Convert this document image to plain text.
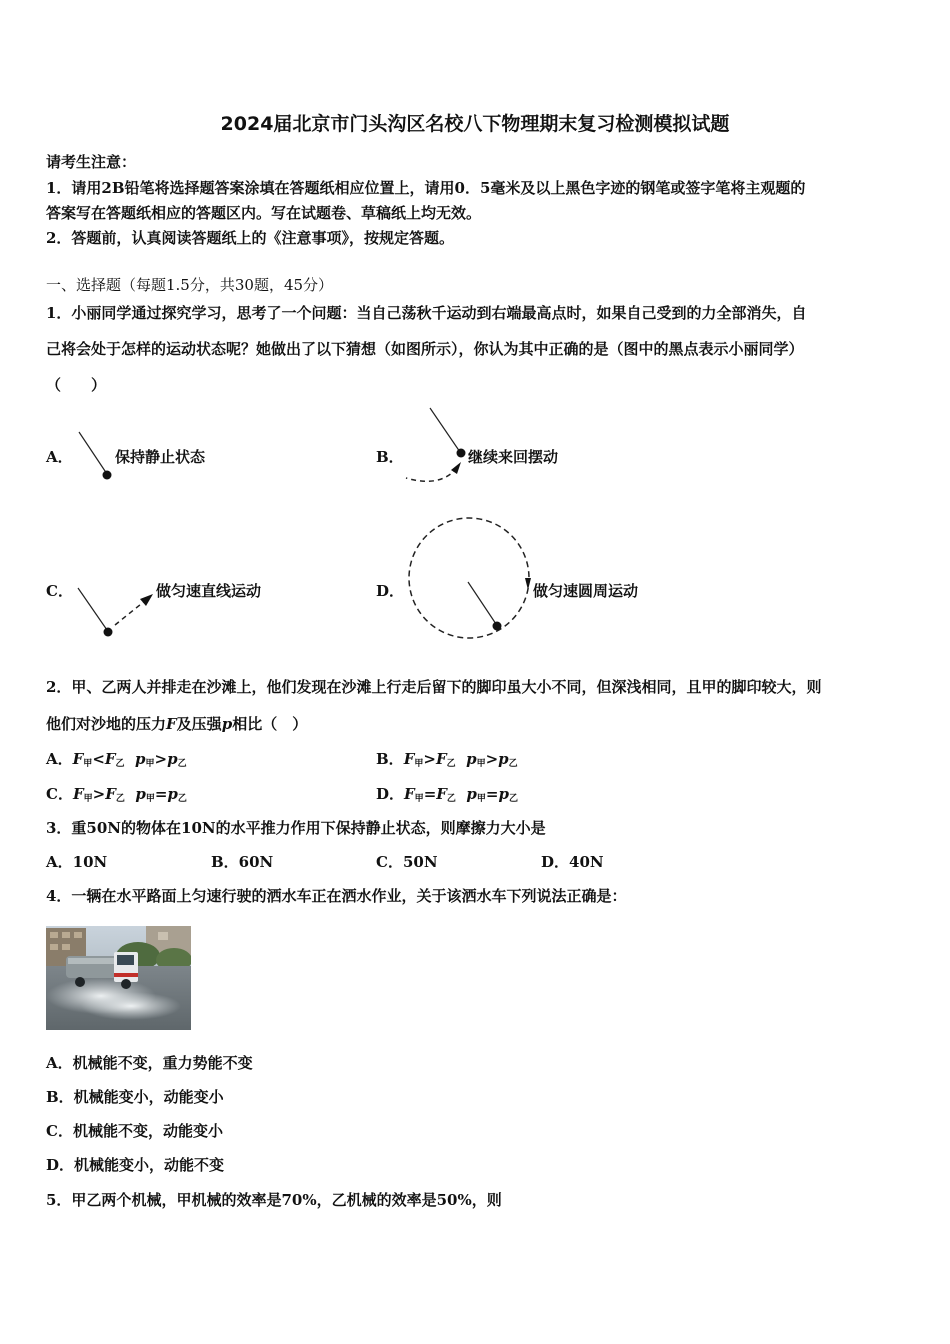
2024届北京市门头沟区名校八下物理期末复习检测模拟试题
请考生注意：
1．请用2B铅笔将选择题答案涂填在答题纸相应位置上，请用0．5毫米及以上黑色字迹的钢笔或签字笔将主观题的
答案写在答题纸相应的答题区内。写在试题卷、草稿纸上均无效。
2．答题前，认真阅读答题纸上的《注意事项》，按规定答题。
一、选择题（每题1.5分，共30题，45分）
1．小丽同学通过探究学习，思考了一个问题：当自己荡秋千运动到右端最高点时，如果自己受到的力全部消失，自
己将会处于怎样的运动状态呢？她做出了以下猜想（如图所示），你认为其中正确的是（图中的黑点表示小丽同学）
（　　）
A．	保持静止状态	B．	继续来回摆动
C．	做匀速直线运动	D．	做匀速圆周运动
2．甲、乙两人并排走在沙滩上，他们发现在沙滩上行走后留下的脚印虽大小不同，但深浅相同，且甲的脚印较大，则
他们对沙地的压力F及压强p相比（　）
A．$F_甲<F_乙$ $p_甲>p_乙$	B．$F_甲>F_乙$ $p_甲>p_乙$
C．$F_甲>F_乙$ $p_甲=p_乙$	D．$F_甲=F_乙$ $p_甲=p_乙$
3．重50N的物体在10N的水平推力作用下保持静止状态，则摩擦力大小是
A．10N	B．60N	C．50N	D．40N
4．一辆在水平路面上匀速行驶的洒水车正在洒水作业，关于该洒水车下列说法正确是：
A．机械能不变，重力势能不变
B．机械能变小，动能变小
C．机械能不变，动能变小
D．机械能变小，动能不变
5．甲乙两个机械，甲机械的效率是70%，乙机械的效率是50%，则
